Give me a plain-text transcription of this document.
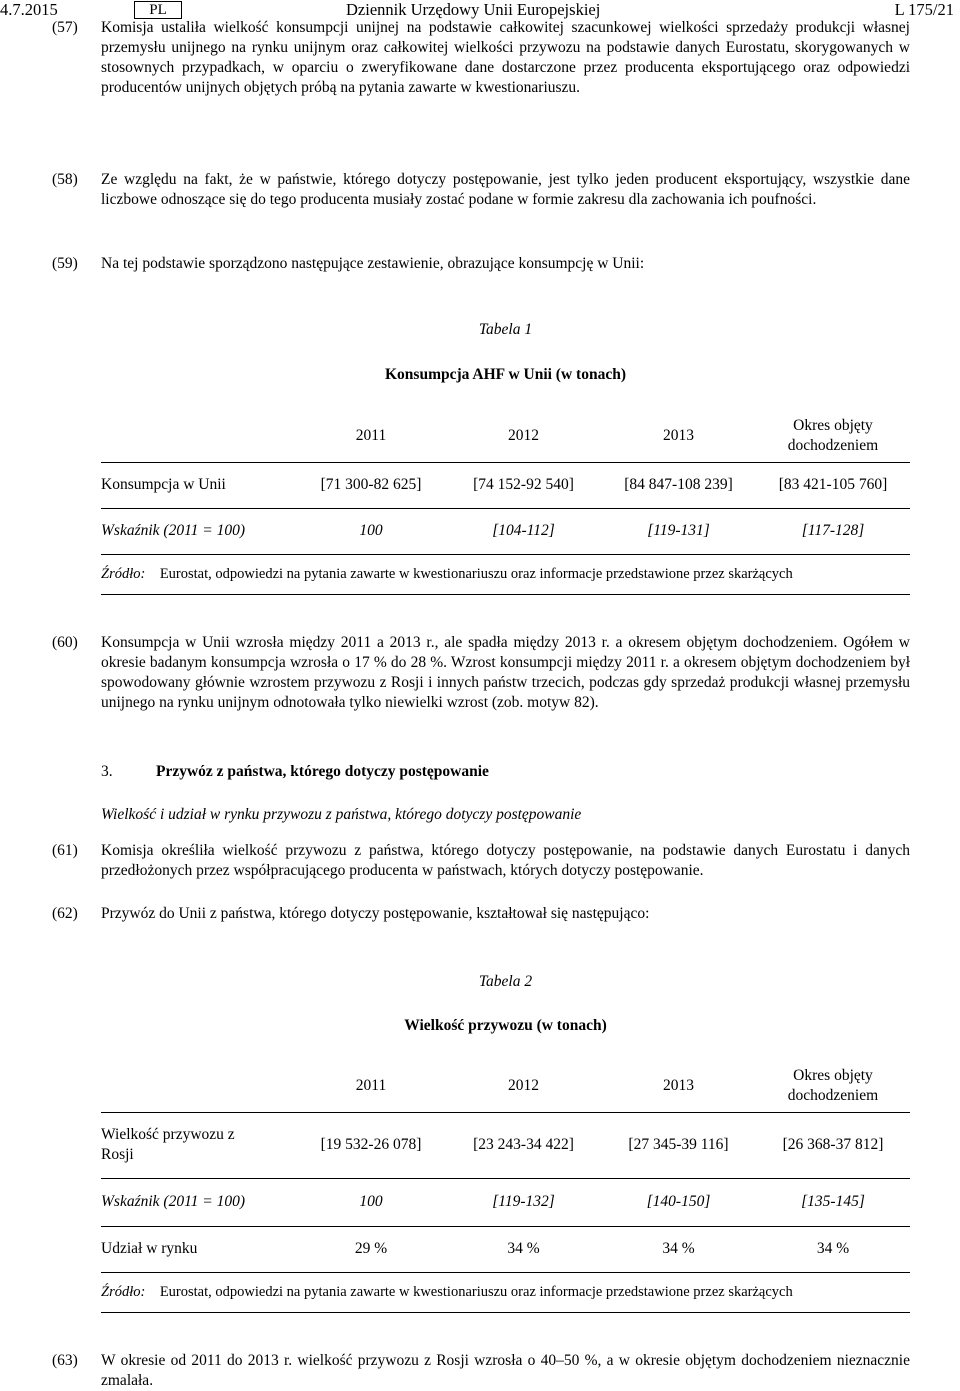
4.7.2015	PL	Dziennik Urzędowy Unii Europejskiej	L 175/21
(57) Komisja ustaliła wielkość konsumpcji unijnej na podstawie całkowitej szacunkowej wielkości sprzedaży produkcji własnej przemysłu unijnego na rynku unijnym oraz całkowitej wielkości przywozu na podstawie danych Eurostatu, skorygowanych w stosownych przypadkach, w oparciu o zweryfikowane dane dostarczone przez producenta eksportującego oraz odpowiedzi producentów unijnych objętych próbą na pytania zawarte w kwestionariuszu.
(58) Ze względu na fakt, że w państwie, którego dotyczy postępowanie, jest tylko jeden producent eksportujący, wszystkie dane liczbowe odnoszące się do tego producenta musiały zostać podane w formie zakresu dla zachowania ich poufności.
(59) Na tej podstawie sporządzono następujące zestawienie, obrazujące konsumpcję w Unii:
Tabela 1
Konsumpcja AHF w Unii (w tonach)
	2011	2012	2013	Okres objęty dochodzeniem
Konsumpcja w Unii	[71 300-82 625]	[74 152-92 540]	[84 847-108 239]	[83 421-105 760]
Wskaźnik (2011 = 100)	100	[104-112]	[119-131]	[117-128]
Źródło: Eurostat, odpowiedzi na pytania zawarte w kwestionariuszu oraz informacje przedstawione przez skarżących				
(60) Konsumpcja w Unii wzrosła między 2011 a 2013 r., ale spadła między 2013 r. a okresem objętym dochodzeniem. Ogółem w okresie badanym konsumpcja wzrosła o 17 % do 28 %. Wzrost konsumpcji między 2011 r. a okresem objętym dochodzeniem był spowodowany głównie wzrostem przywozu z Rosji i innych państw trzecich, podczas gdy sprzedaż produkcji własnej przemysłu unijnego na rynku unijnym odnotowała tylko niewielki wzrost (zob. motyw 82).
3.	Przywóz z państwa, którego dotyczy postępowanie
Wielkość i udział w rynku przywozu z państwa, którego dotyczy postępowanie
(61) Komisja określiła wielkość przywozu z państwa, którego dotyczy postępowanie, na podstawie danych Eurostatu i danych przedłożonych przez współpracującego producenta w państwach, których dotyczy postępowanie.
(62) Przywóz do Unii z państwa, którego dotyczy postępowanie, kształtował się następująco:
Tabela 2
Wielkość przywozu (w tonach)
	2011	2012	2013	Okres objęty dochodzeniem

Wielkość przywozu z Rosji	[19 532-26 078]	[23 243-34 422]	[27 345-39 116]	[26 368-37 812]
Wskaźnik (2011 = 100)	100	[119-132]	[140-150]	[135-145]
Udział w rynku	29 %	34 %	34 %	34 %
Źródło: Eurostat, odpowiedzi na pytania zawarte w kwestionariuszu oraz informacje przedstawione przez skarżących				
(63) W okresie od 2011 do 2013 r. wielkość przywozu z Rosji wzrosła o 40–50 %, a w okresie objętym dochodzeniem nieznacznie zmalała.
